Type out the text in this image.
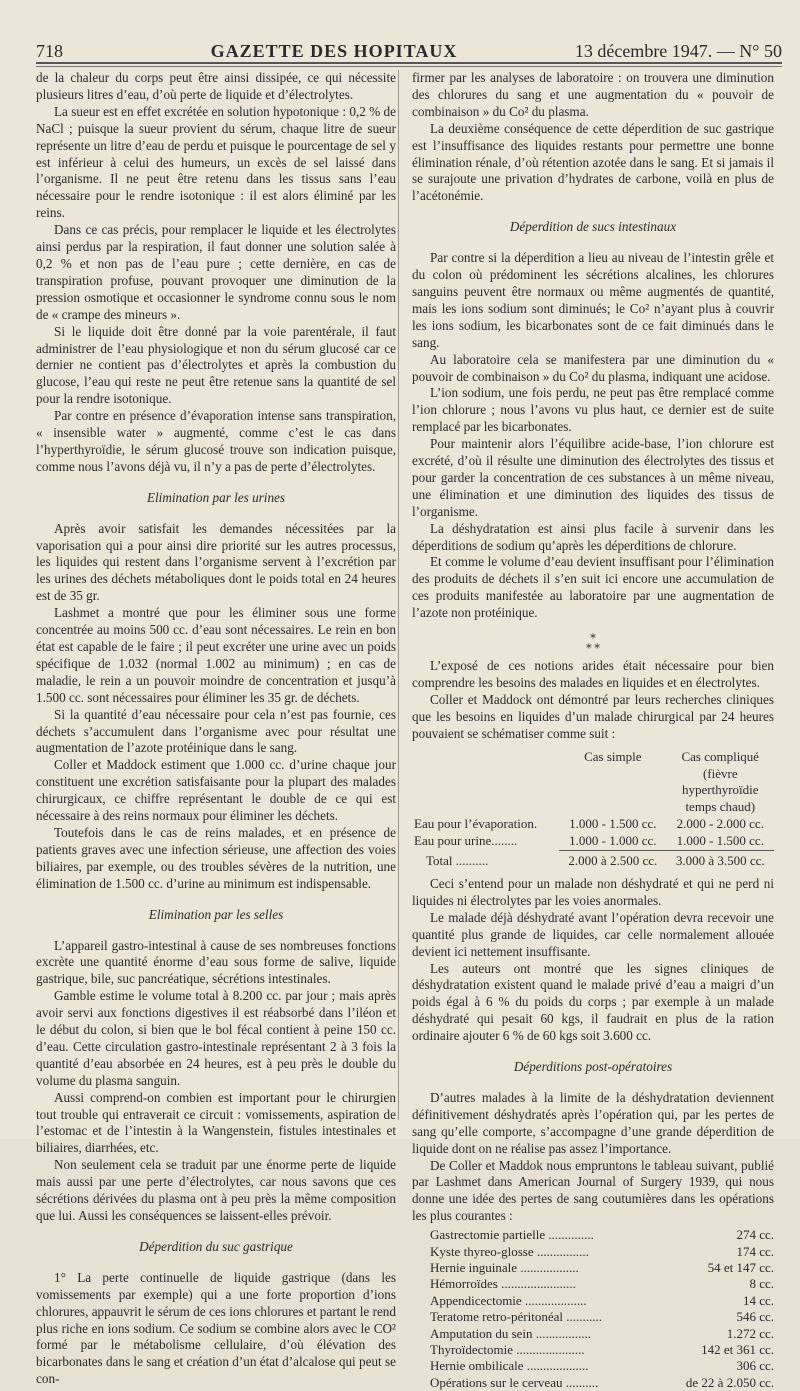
718	GAZETTE DES HOPITAUX	13 décembre 1947. — N° 50

de la chaleur du corps peut être ainsi dissipée, ce qui nécessite plusieurs litres d’eau, d’où perte de liquide et d’électrolytes.

La sueur est en effet excrétée en solution hypotonique : 0,2 % de NaCl ; puisque la sueur provient du sérum, chaque litre de sueur représente un litre d’eau de perdu et puisque le pourcentage de sel y est inférieur à celui des humeurs, un excès de sel laissé dans l’organisme. Il ne peut être retenu dans les tissus sans l’eau nécessaire pour le rendre isotonique : il est alors éliminé par les reins.

Dans ce cas précis, pour remplacer le liquide et les électrolytes ainsi perdus par la respiration, il faut donner une solution salée à 0,2 % et non pas de l’eau pure ; cette dernière, en cas de transpiration profuse, pouvant provoquer une diminution de la pression osmotique et occasionner le syndrome connu sous le nom de « crampe des mineurs ».

Si le liquide doit être donné par la voie parentérale, il faut administrer de l’eau physiologique et non du sérum glucosé car ce dernier ne contient pas d’électrolytes et après la combustion du glucose, l’eau qui reste ne peut être retenue sans la quantité de sel pour la rendre isotonique.

Par contre en présence d’évaporation intense sans transpiration, « insensible water » augmenté, comme c’est le cas dans l’hyperthyroïdie, le sérum glucosé trouve son indication puisque, comme nous l’avons déjà vu, il n’y a pas de perte d’électrolytes.

Elimination par les urines

Après avoir satisfait les demandes nécessitées par la vaporisation qui a pour ainsi dire priorité sur les autres processus, les liquides qui restent dans l’organisme servent à l’excrétion par les urines des déchets métaboliques dont le poids total en 24 heures est de 35 gr.

Lashmet a montré que pour les éliminer sous une forme concentrée au moins 500 cc. d’eau sont nécessaires. Le rein en bon état est capable de le faire ; il peut excréter une urine avec un poids spécifique de 1.032 (normal 1.002 au minimum) ; en cas de maladie, le rein a un pouvoir moindre de concentration et jusqu’à 1.500 cc. sont nécessaires pour éliminer les 35 gr. de déchets.

Si la quantité d’eau nécessaire pour cela n’est pas fournie, ces déchets s’accumulent dans l’organisme avec pour résultat une augmentation de l’azote protéinique dans le sang.

Coller et Maddock estiment que 1.000 cc. d’urine chaque jour constituent une excrétion satisfaisante pour la plupart des malades chirurgicaux, ce chiffre représentant le double de ce qui est nécessaire à des reins normaux pour éliminer les déchets.

Toutefois dans le cas de reins malades, et en présence de patients graves avec une infection sérieuse, une affection des voies biliaires, par exemple, ou des troubles sévères de la nutrition, une élimination de 1.500 cc. d’urine au minimum est indispensable.

Elimination par les selles

L’appareil gastro-intestinal à cause de ses nombreuses fonctions excrète une quantité énorme d’eau sous forme de salive, liquide gastrique, bile, suc pancréatique, sécrétions intestinales.

Gamble estime le volume total à 8.200 cc. par jour ; mais après avoir servi aux fonctions digestives il est réabsorbé dans l’iléon et le début du colon, si bien que le bol fécal contient à peine 150 cc. d’eau. Cette circulation gastro-intestinale représentant 2 à 3 fois la quantité d’eau absorbée en 24 heures, est à peu près le double du volume du plasma sanguin.

Aussi comprend-on combien est important pour le chirurgien tout trouble qui entraverait ce circuit : vomissements, aspiration de l’estomac et de l’intestin à la Wangenstein, fistules intestinales et biliaires, diarrhées, etc.

Non seulement cela se traduit par une énorme perte de liquide mais aussi par une perte d’électrolytes, car nous savons que ces sécrétions dérivées du plasma ont à peu près la même composition que lui. Aussi les conséquences se laissent-elles prévoir.

Déperdition du suc gastrique

1° La perte continuelle de liquide gastrique (dans les vomissements par exemple) qui a une forte proportion d’ions chlorures, appauvrit le sérum de ces ions chlorures et partant le rend plus riche en ions sodium. Ce sodium se combine alors avec le CO² formé par le métabolisme cellulaire, d’où élévation des bicarbonates dans le sang et création d’un état d’alcalose qui peut se con-

firmer par les analyses de laboratoire : on trouvera une diminution des chlorures du sang et une augmentation du « pouvoir de combinaison » du Co² du plasma.

La deuxième conséquence de cette déperdition de suc gastrique est l’insuffisance des liquides restants pour permettre une bonne élimination rénale, d’où rétention azotée dans le sang. Et si jamais il se surajoute une privation d’hydrates de carbone, voilà en plus de l’acétonémie.

Déperdition de sucs intestinaux

Par contre si la déperdition a lieu au niveau de l’intestin grêle et du colon où prédominent les sécrétions alcalines, les chlorures sanguins peuvent être normaux ou même augmentés de quantité, mais les ions sodium sont diminués; le Co² n’ayant plus à couvrir les ions sodium, les bicarbonates sont de ce fait diminués dans le sang.

Au laboratoire cela se manifestera par une diminution du « pouvoir de combinaison » du Co² du plasma, indiquant une acidose.

L’ion sodium, une fois perdu, ne peut pas être remplacé comme l’ion chlorure ; nous l’avons vu plus haut, ce dernier est de suite remplacé par les bicarbonates.

Pour maintenir alors l’équilibre acide-base, l’ion chlorure est excrété, d’où il résulte une diminution des électrolytes des tissus et pour garder la concentration de ces substances à un même niveau, une élimination et une diminution des liquides des tissus de l’organisme.

La déshydratation est ainsi plus facile à survenir dans les déperditions de sodium qu’après les déperditions de chlorure.

Et comme le volume d’eau devient insuffisant pour l’élimination des produits de déchets il s’en suit ici encore une accumulation de ces produits manifestée au laboratoire par une augmentation de l’azote non protéinique.

⁎
⁎ ⁎

L’exposé de ces notions arides était nécessaire pour bien comprendre les besoins des malades en liquides et en électrolytes.

Coller et Maddock ont démontré par leurs recherches cliniques que les besoins en liquides d’un malade chirurgical par 24 heures pouvaient se schématiser comme suit :

	Cas simple	Cas compliqué
(fièvre
hyperthyroïdie
temps chaud)

Eau pour l’évaporation.	1.000 - 1.500 cc.	2.000 - 2.000 cc.
Eau pour urine........	1.000 - 1.000 cc.	1.000 - 1.500 cc.

Total ..........	2.000 à 2.500 cc.	3.000 à 3.500 cc.

Ceci s’entend pour un malade non déshydraté et qui ne perd ni liquides ni électrolytes par les voies anormales.

Le malade déjà déshydraté avant l’opération devra recevoir une quantité plus grande de liquides, car celle normalement allouée devient ici nettement insuffisante.

Les auteurs ont montré que les signes cliniques de déshydratation existent quand le malade privé d’eau a maigri d’un poids égal à 6 % du poids du corps ; par exemple à un malade déshydraté qui pesait 60 kgs, il faudrait en plus de la ration ordinaire ajouter 6 % de 60 kgs soit 3.600 cc.

Déperditions post-opératoires

D’autres malades à la limite de la déshydratation deviennent définitivement déshydratés après l’opération qui, par les pertes de sang qu’elle comporte, s’accompagne d’une grande déperdition de liquide dont on ne réalise pas assez l’importance.

De Coller et Maddok nous empruntons le tableau suivant, publié par Lashmet dans American Journal of Surgery 1939, qui nous donne une idée des pertes de sang coutumières dans les opérations les plus courantes :

Gastrectomie partielle ..............	274 cc.
Kyste thyreo-glosse ................	174 cc.
Hernie inguinale ..................	54 et 147 cc.
Hémorroïdes .......................	8 cc.
Appendicectomie ...................	14 cc.
Teratome retro-péritonéal ...........	546 cc.
Amputation du sein .................	1.272 cc.
Thyroïdectomie .....................	142 et 361 cc.
Hernie ombilicale ...................	306 cc.
Opérations sur le cerveau ..........	de 22 à 2.050 cc.
